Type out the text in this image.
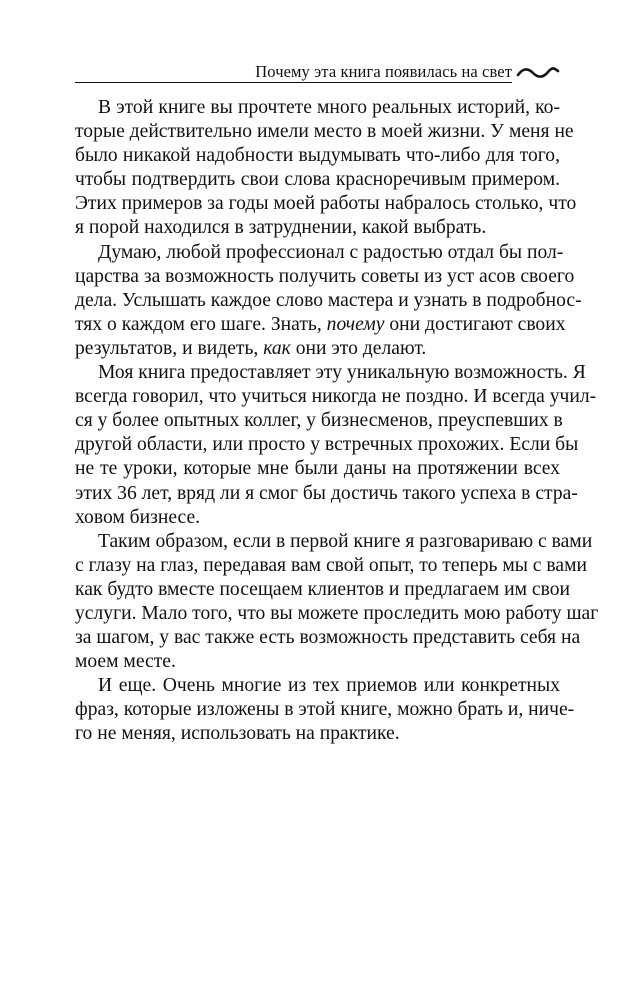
Почему эта книга появилась на свет

В этой книге вы прочтете много реальных историй, ко-
торые действительно имели место в моей жизни. У меня не
было никакой надобности выдумывать что-либо для того,
чтобы подтвердить свои слова красноречивым примером.
Этих примеров за годы моей работы набралось столько, что
я порой находился в затруднении, какой выбрать.

Думаю, любой профессионал с радостью отдал бы пол-
царства за возможность получить советы из уст асов своего
дела. Услышать каждое слово мастера и узнать в подробнос-
тях о каждом его шаге. Знать, почему они достигают своих
результатов, и видеть, как они это делают.

Моя книга предоставляет эту уникальную возможность. Я
всегда говорил, что учиться никогда не поздно. И всегда учил-
ся у более опытных коллег, у бизнесменов, преуспевших в
другой области, или просто у встречных прохожих. Если бы
не те уроки, которые мне были даны на протяжении всех
этих 36 лет, вряд ли я смог бы достичь такого успеха в стра-
ховом бизнесе.

Таким образом, если в первой книге я разговариваю с вами
с глазу на глаз, передавая вам свой опыт, то теперь мы с вами
как будто вместе посещаем клиентов и предлагаем им свои
услуги. Мало того, что вы можете проследить мою работу шаг
за шагом, у вас также есть возможность представить себя на
моем месте.

И еще. Очень многие из тех приемов или конкретных
фраз, которые изложены в этой книге, можно брать и, ниче-
го не меняя, использовать на практике.
